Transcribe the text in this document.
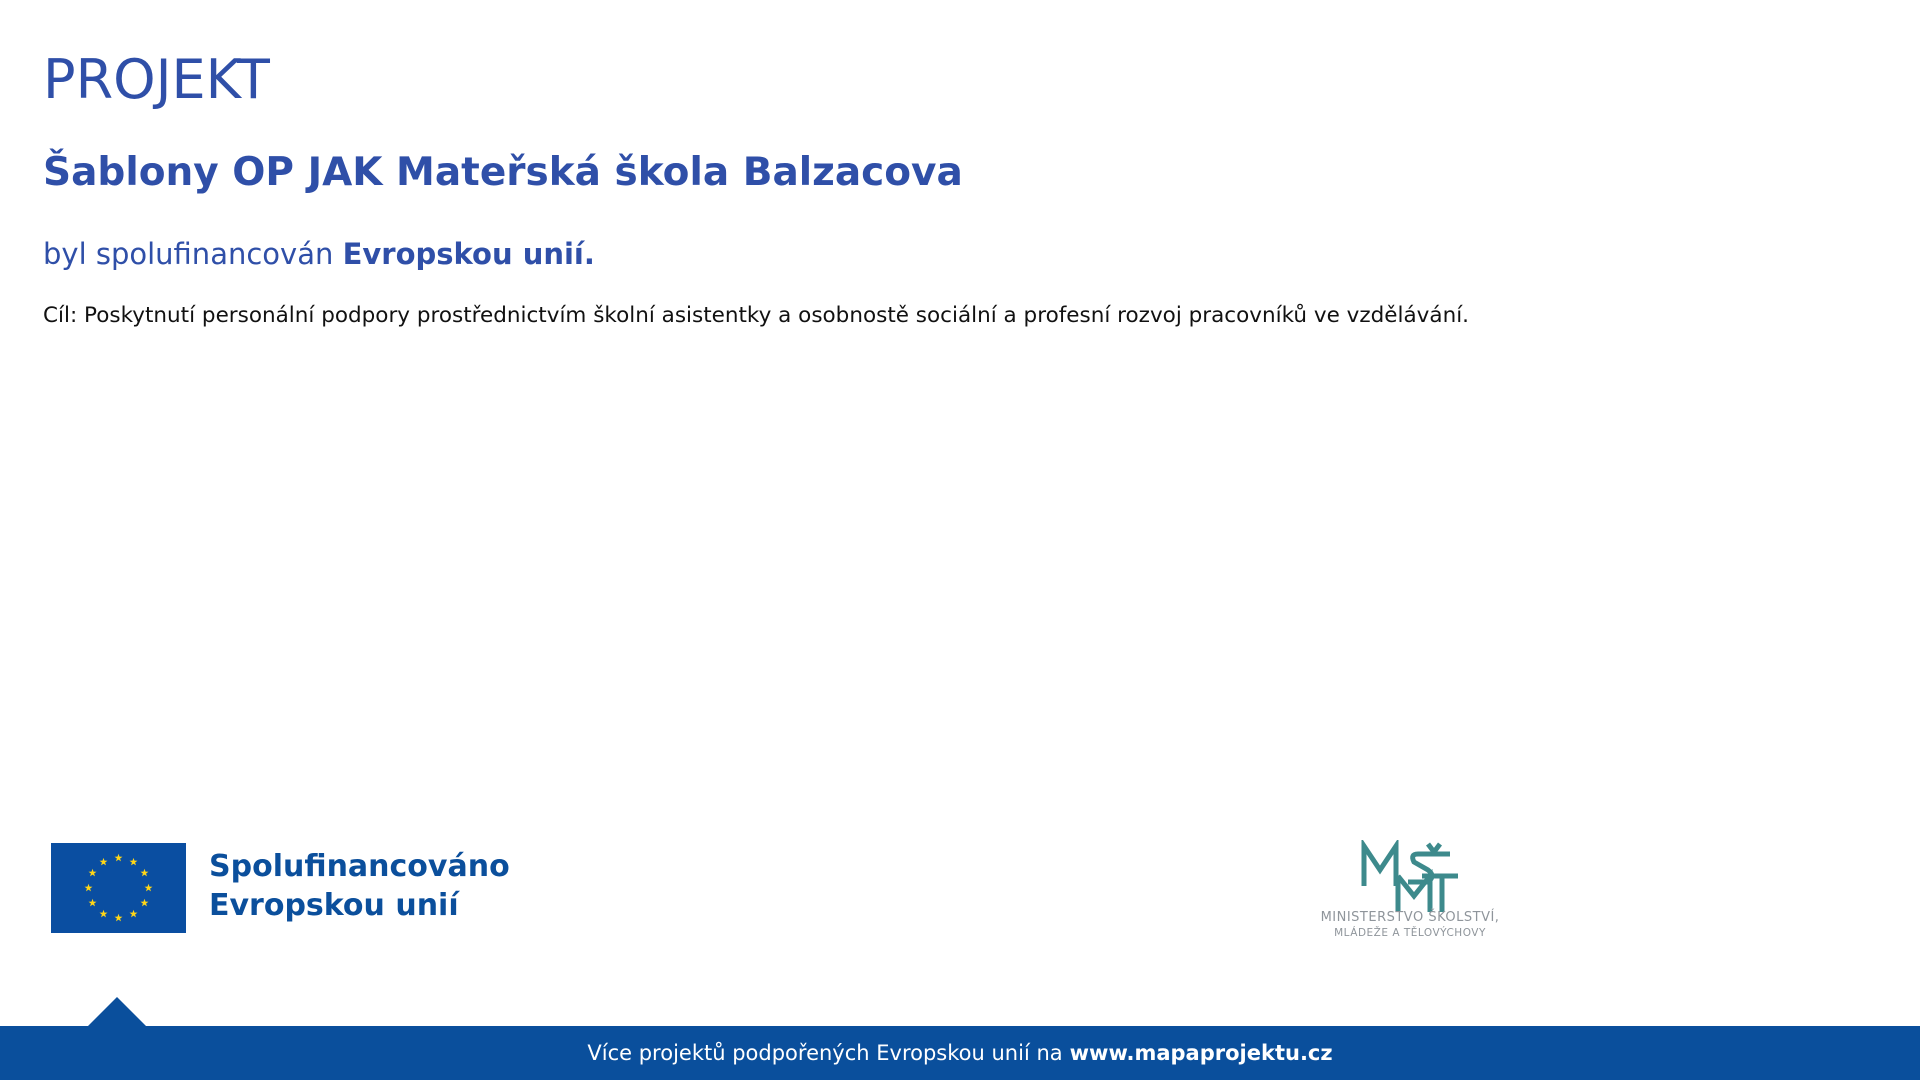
PROJEKT
Šablony OP JAK Mateřská škola Balzacova

byl spolufinancován Evropskou unií.

Cíl: Poskytnutí personální podpory prostřednictvím školní asistentky a osobnostě sociální a profesní rozvoj pracovníků ve vzdělávání.

Spolufinancováno
Evropskou unií	MINISTERSTVO ŠKOLSTVÍ,
MLÁDEŽE A TĚLOVÝCHOVY
Více projektů podpořených Evropskou unií na www.mapaprojektu.cz
